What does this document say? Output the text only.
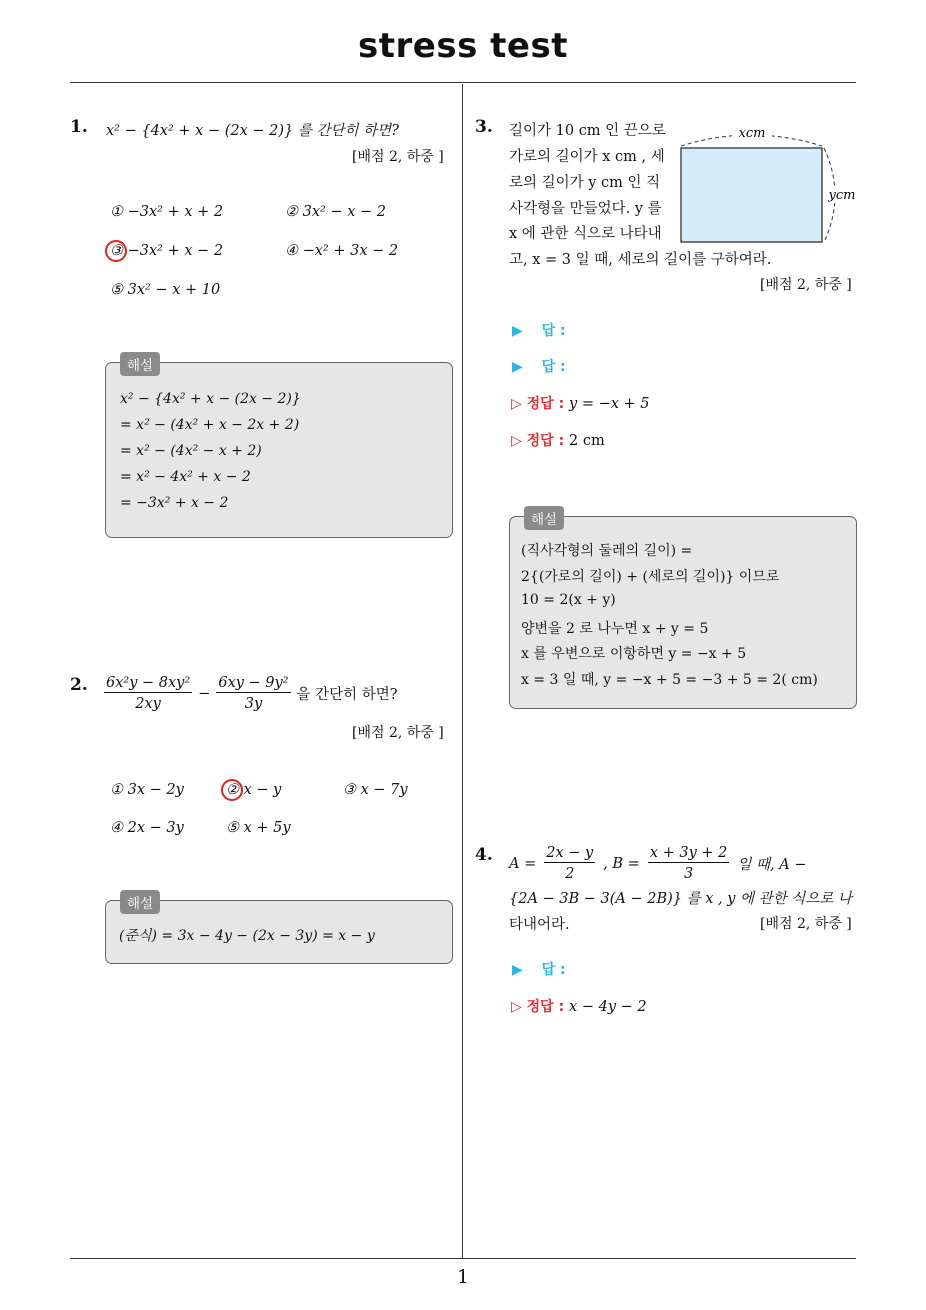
stress test
1
1. x² − {4x² + x − (2x − 2)} 를 간단히 하면?
[배점 2, 하중 ]
① −3x² + x + 2	② 3x² − x − 2
③ −3x² + x − 2	④ −x² + 3x − 2
⑤ 3x² − x + 10
해설
x² − {4x² + x − (2x − 2)}
= x² − (4x² + x − 2x + 2)
= x² − (4x² − x + 2)
= x² − 4x² + x − 2
= −3x² + x − 2
2. $\frac{\text{6x²y − 8xy²}}{2xy} - \frac{\text{6xy − 9y²}}{3y}$ 을 간단히 하면?
[배점 2, 하중 ]
① 3x − 2y	② x − y	③ x − 7y
④ 2x − 3y	⑤ x + 5y
해설
(준식) = 3x − 4y − (2x − 3y) = x − y
3. 길이가 10 cm 인 끈으로
가로의 길이가 x cm , 세
로의 길이가 y cm 인 직
사각형을 만들었다. y 를
x 에 관한 식으로 나타내
고, x = 3 일 때, 세로의 길이를 구하여라.
[배점 2, 하중 ]
xcm
ycm
▶ 답 :
▶ 답 :
▷ 정답 : y = −x + 5
▷ 정답 : 2 cm
해설
(직사각형의 둘레의 길이) =
2{(가로의 길이) + (세로의 길이)} 이므로
10 = 2(x + y)
양변을 2 로 나누면 x + y = 5
x 를 우변으로 이항하면 y = −x + 5
x = 3 일 때, y = −x + 5 = −3 + 5 = 2( cm)
4. $A = \frac{2x - y}{2}$ , $B = \frac{x + 3y + 2}{3}$ 일 때, A −
{2A − 3B − 3(A − 2B)} 를 x , y 에 관한 식으로 나
타내어라.	[배점 2, 하중 ]
▶ 답 :
▷ 정답 : x − 4y − 2
